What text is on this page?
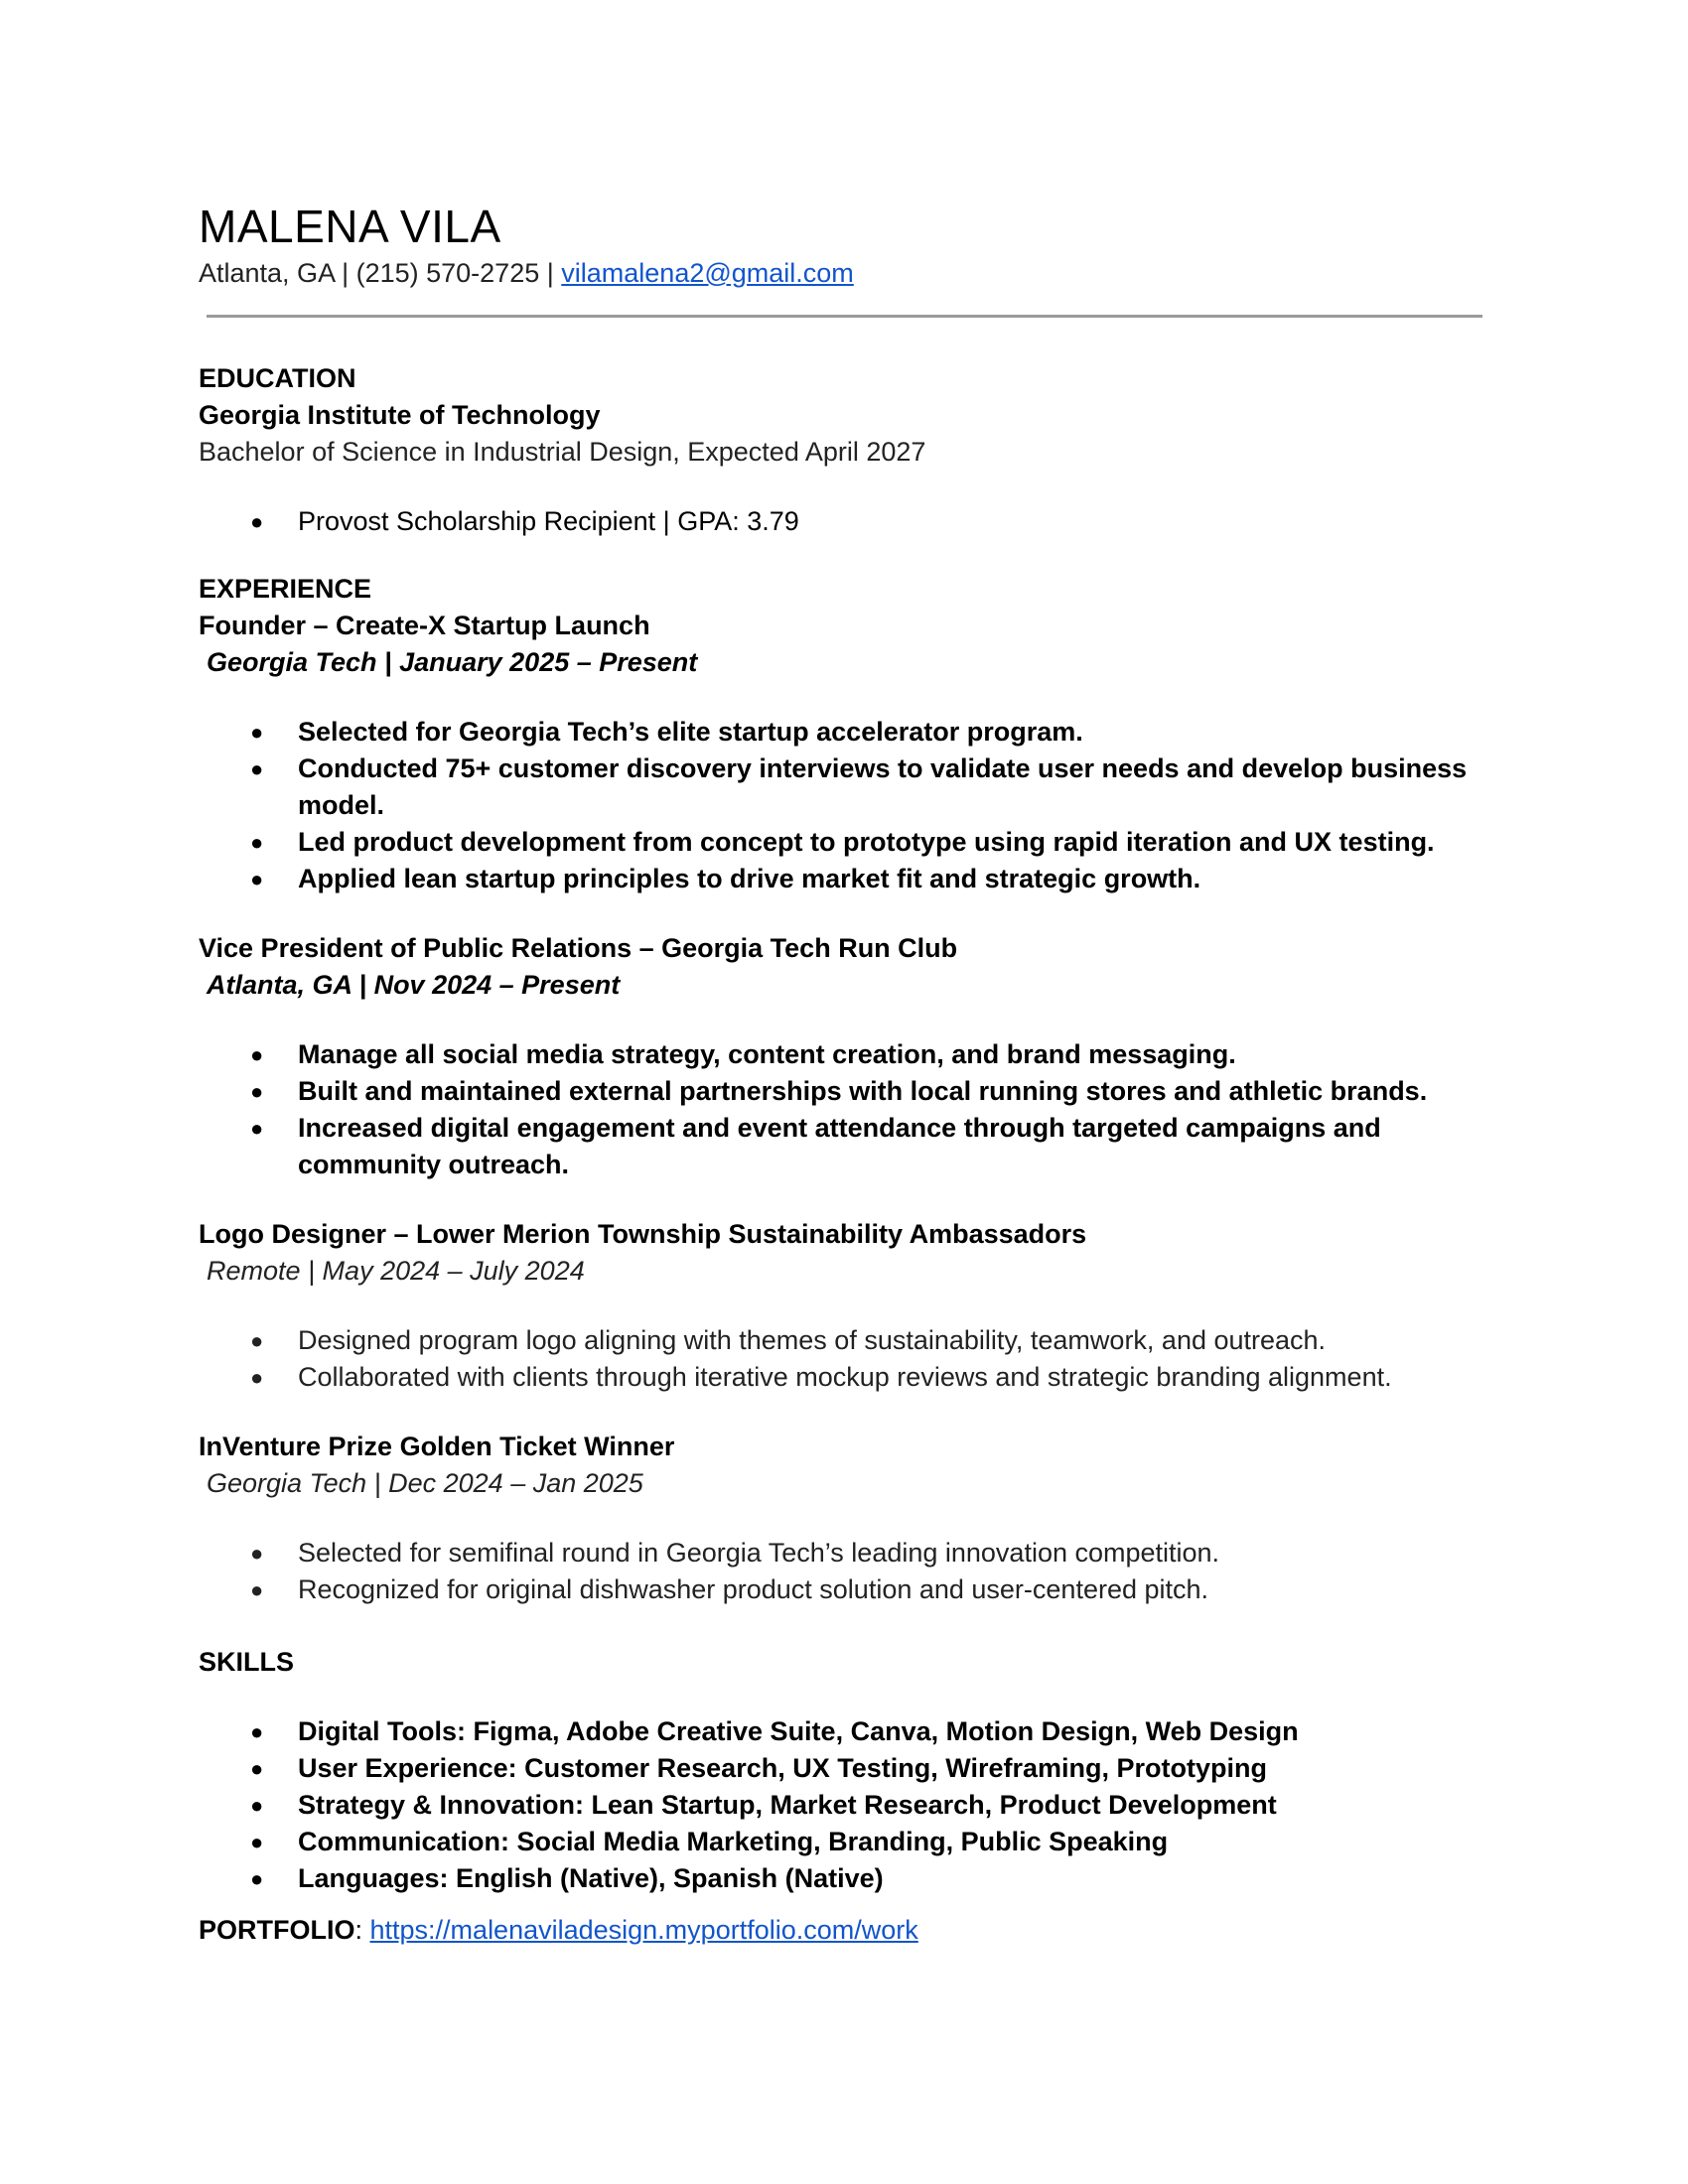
MALENA VILA
Atlanta, GA | (215) 570-2725 | vilamalena2@gmail.com

EDUCATION

Georgia Institute of Technology

Bachelor of Science in Industrial Design, Expected April 2027

● Provost Scholarship Recipient | GPA: 3.79

EXPERIENCE

Founder – Create-X Startup Launch

Georgia Tech | January 2025 – Present

● Selected for Georgia Tech’s elite startup accelerator program.
● Conducted 75+ customer discovery interviews to validate user needs and develop business model.
● Led product development from concept to prototype using rapid iteration and UX testing.
● Applied lean startup principles to drive market fit and strategic growth.

Vice President of Public Relations – Georgia Tech Run Club

Atlanta, GA | Nov 2024 – Present

● Manage all social media strategy, content creation, and brand messaging.
● Built and maintained external partnerships with local running stores and athletic brands.
● Increased digital engagement and event attendance through targeted campaigns and community outreach.

Logo Designer – Lower Merion Township Sustainability Ambassadors

Remote | May 2024 – July 2024

● Designed program logo aligning with themes of sustainability, teamwork, and outreach.
● Collaborated with clients through iterative mockup reviews and strategic branding alignment.

InVenture Prize Golden Ticket Winner

Georgia Tech | Dec 2024 – Jan 2025

● Selected for semifinal round in Georgia Tech’s leading innovation competition.
● Recognized for original dishwasher product solution and user-centered pitch.

SKILLS

● Digital Tools: Figma, Adobe Creative Suite, Canva, Motion Design, Web Design
● User Experience: Customer Research, UX Testing, Wireframing, Prototyping
● Strategy & Innovation: Lean Startup, Market Research, Product Development
● Communication: Social Media Marketing, Branding, Public Speaking
● Languages: English (Native), Spanish (Native)
PORTFOLIO: https://malenaviladesign.myportfolio.com/work
